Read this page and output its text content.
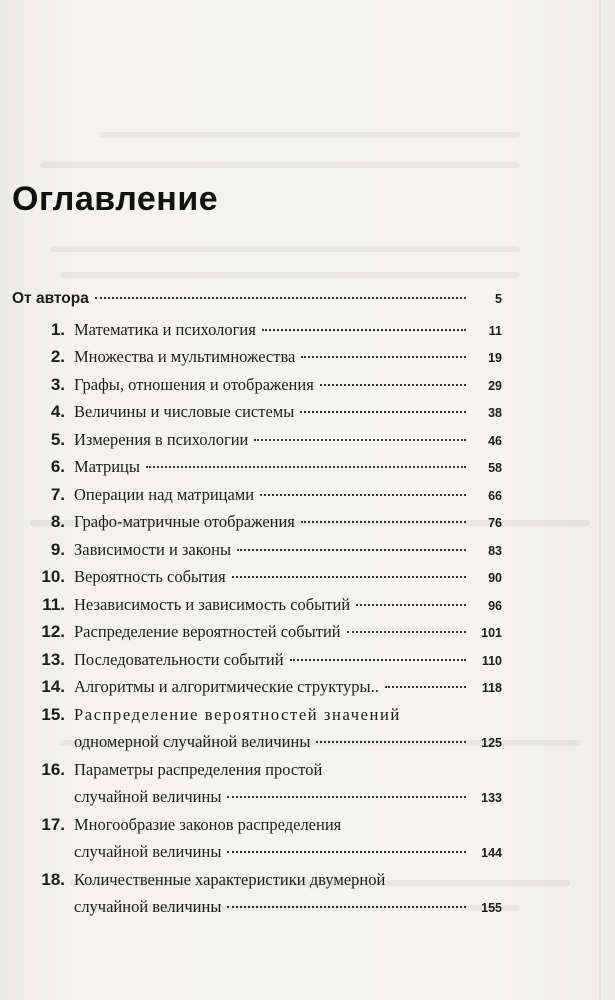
Оглавление
От автора	5
1. Математика и психология	11
2. Множества и мультимножества	19
3. Графы, отношения и отображения	29
4. Величины и числовые системы	38
5. Измерения в психологии	46
6. Матрицы	58
7. Операции над матрицами	66
8. Графо-матричные отображения	76
9. Зависимости и законы	83
10. Вероятность события	90
11. Независимость и зависимость событий	96
12. Распределение вероятностей событий	101
13. Последовательности событий	110
14. Алгоритмы и алгоритмические структуры..	118
15. Распределение вероятностей значений
одномерной случайной величины	125
16. Параметры распределения простой
случайной величины	133
17. Многообразие законов распределения
случайной величины	144
18. Количественные характеристики двумерной
случайной величины	155
